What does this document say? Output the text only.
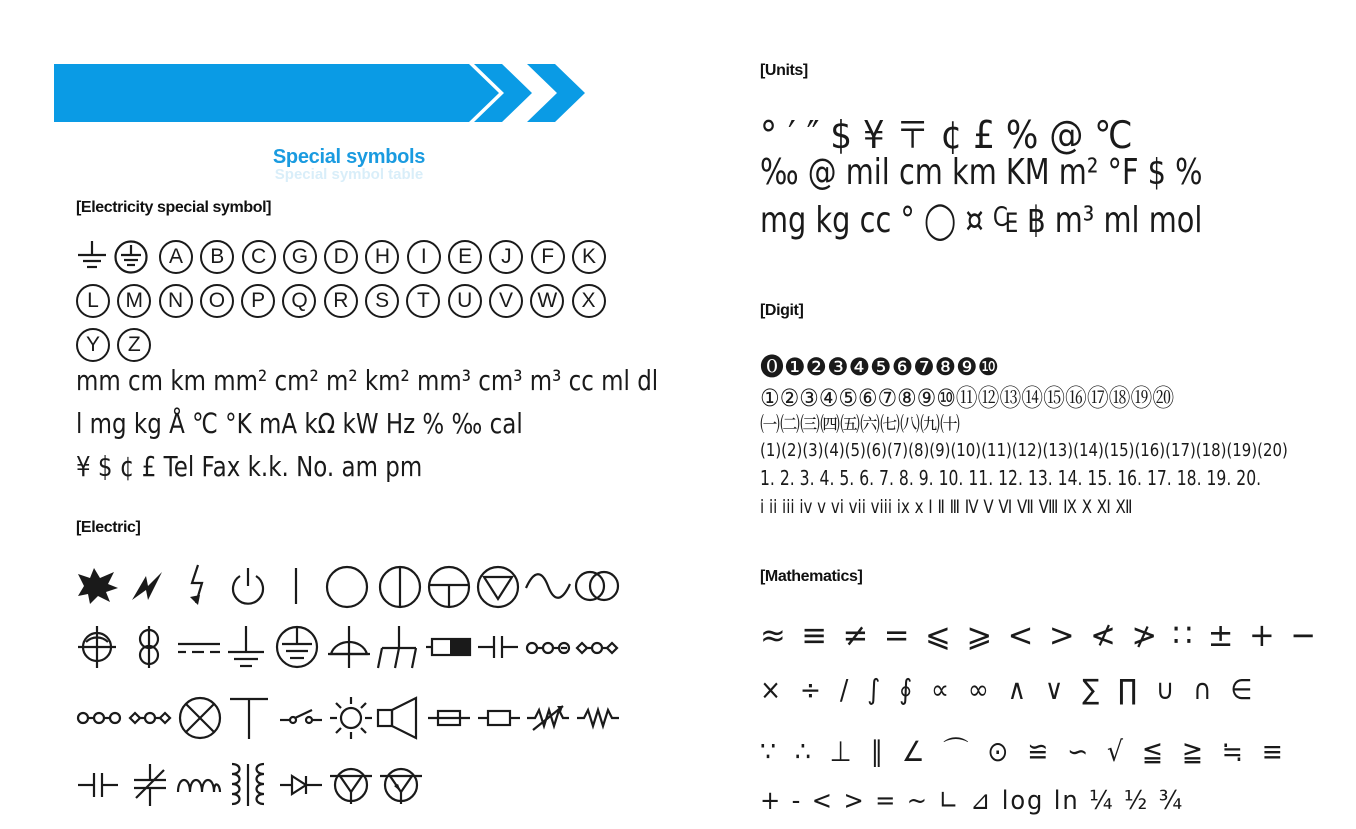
Special symbol table
Special symbols
[Electricity special symbol]
A B C G D H I E J F K
L M N O P Q R S T U V W X
Y Z
mm cm km mm² cm² m² km² mm³ cm³ m³ cc ml dl
l mg kg Å ℃ °K mA kΩ kW Hz % ‰ cal
¥ $ ¢ £ Tel Fax k.k. No. am pm
[Electric]
[Units]
° ′ ″ $ ¥ 〒 ¢ £ % @ ℃
‰ @ mil cm km KM m² °F $ %
mg kg cc ° ◯ ¤ ₠ ฿ m³ ml mol
[Digit]
⓿❶❷❸❹❺❻❼❽❾❿
①②③④⑤⑥⑦⑧⑨⑩⑪⑫⑬⑭⑮⑯⑰⑱⑲⑳
㈠㈡㈢㈣㈤㈥㈦㈧㈨㈩
(1)(2)(3)(4)(5)(6)(7)(8)(9)(10)(11)(12)(13)(14)(15)(16)(17)(18)(19)(20)
1. 2. 3. 4. 5. 6. 7. 8. 9. 10. 11. 12. 13. 14. 15. 16. 17. 18. 19. 20.
i ii iii iv v vi vii viii ix x Ⅰ Ⅱ Ⅲ Ⅳ Ⅴ Ⅵ Ⅶ Ⅷ Ⅸ Ⅹ Ⅺ Ⅻ
[Mathematics]
≈ ≡ ≠ = ⩽ ⩾ < > ≮ ≯ ∷ ± + −
× ÷ / ∫ ∮ ∝ ∞ ∧ ∨ ∑ ∏ ∪ ∩ ∈
∵ ∴ ⊥ ∥ ∠ ⌒ ⊙ ≌ ∽ √ ≦ ≧ ≒ ≡
+ - < > = ~ ∟ ⊿ log ln ¼ ½ ¾
